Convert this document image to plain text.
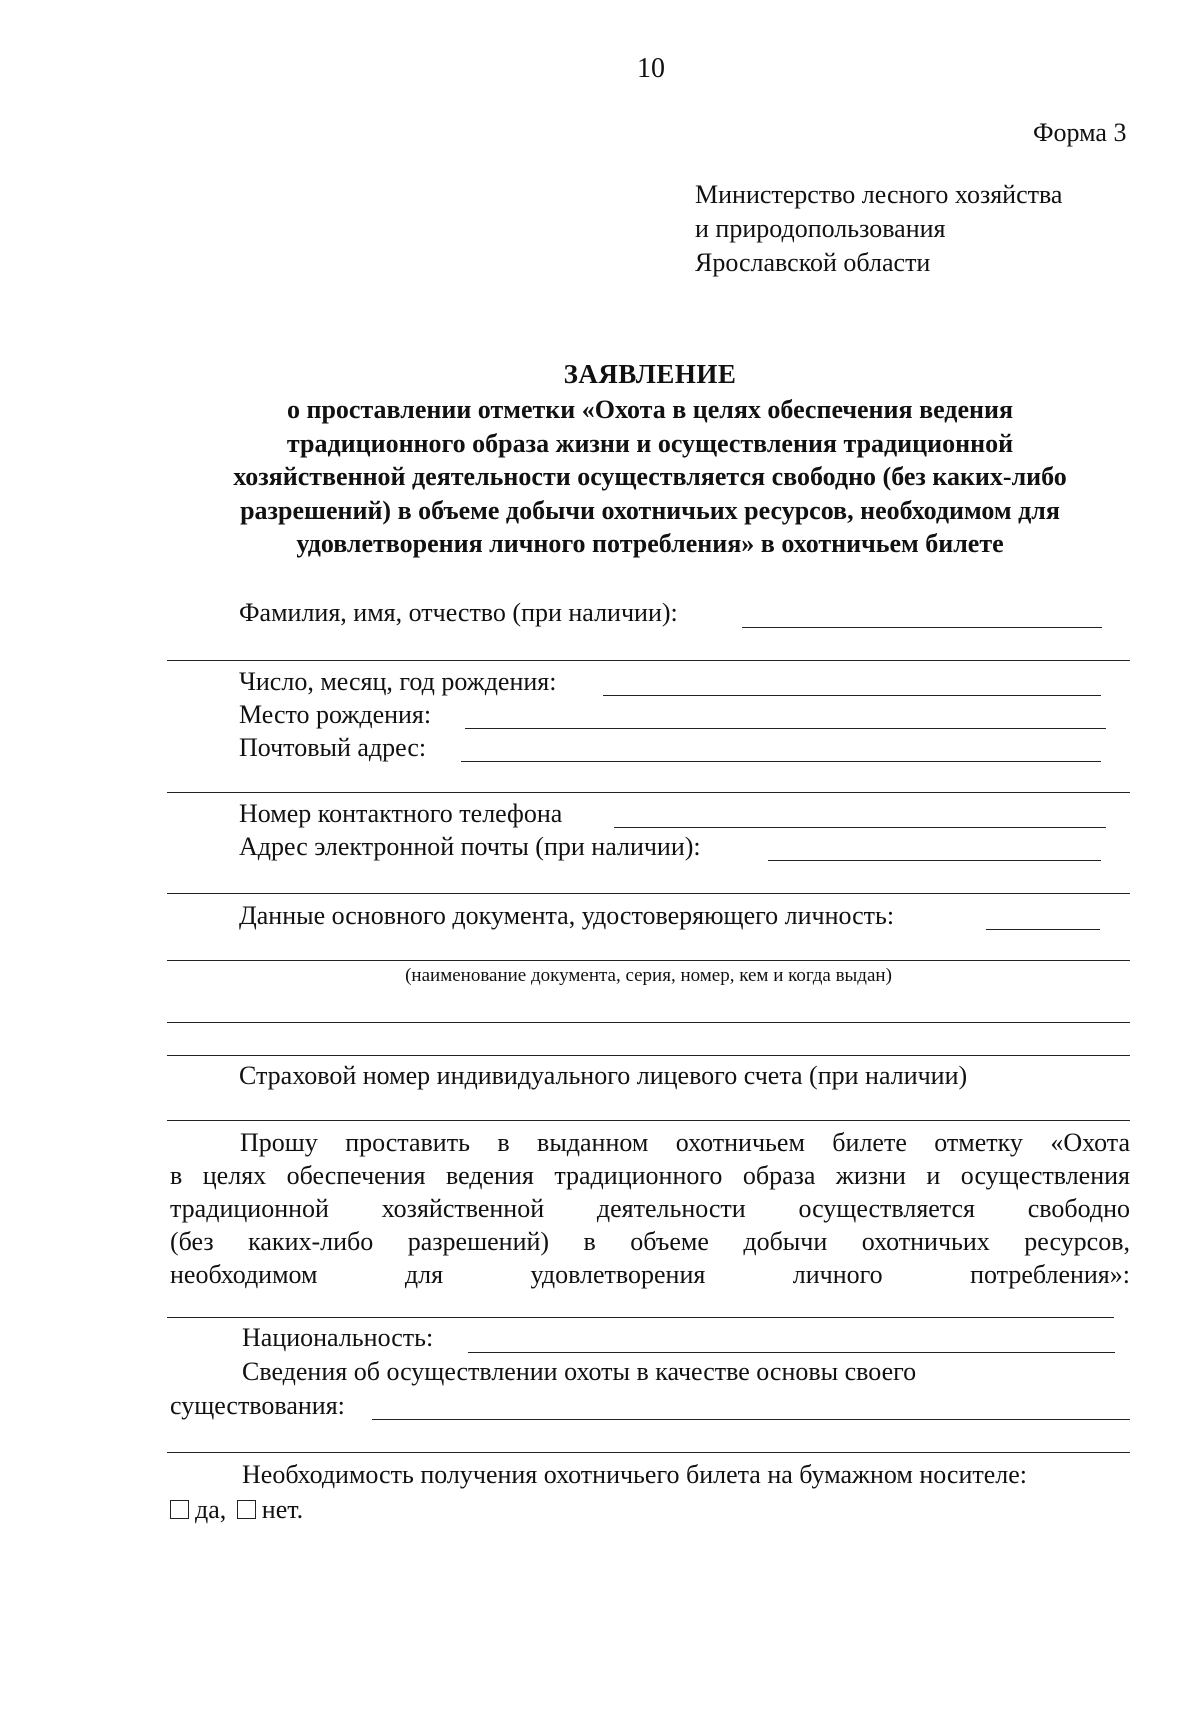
10
Форма 3
Министерство лесного хозяйства
и природопользования
Ярославской области
ЗАЯВЛЕНИЕ
о проставлении отметки «Охота в целях обеспечения ведения
традиционного образа жизни и осуществления традиционной
хозяйственной деятельности осуществляется свободно (без каких-либо
разрешений) в объеме добычи охотничьих ресурсов, необходимом для
удовлетворения личного потребления» в охотничьем билете
Фамилия, имя, отчество (при наличии):
Число, месяц, год рождения:
Место рождения:
Почтовый адрес:
Номер контактного телефона
Адрес электронной почты (при наличии):
Данные основного документа, удостоверяющего личность:
(наименование документа, серия, номер, кем и когда выдан)
Страховой номер индивидуального лицевого счета (при наличии)
Прошу проставить в выданном охотничьем билете отметку «Охота
в целях обеспечения ведения традиционного образа жизни и осуществления
традиционной хозяйственной деятельности осуществляется свободно
(без каких-либо разрешений) в объеме добычи охотничьих ресурсов,
необходимом для удовлетворения личного потребления»:
Национальность:
Сведения об осуществлении охоты в качестве основы своего
существования:
Необходимость получения охотничьего билета на бумажном носителе:
да, нет.
